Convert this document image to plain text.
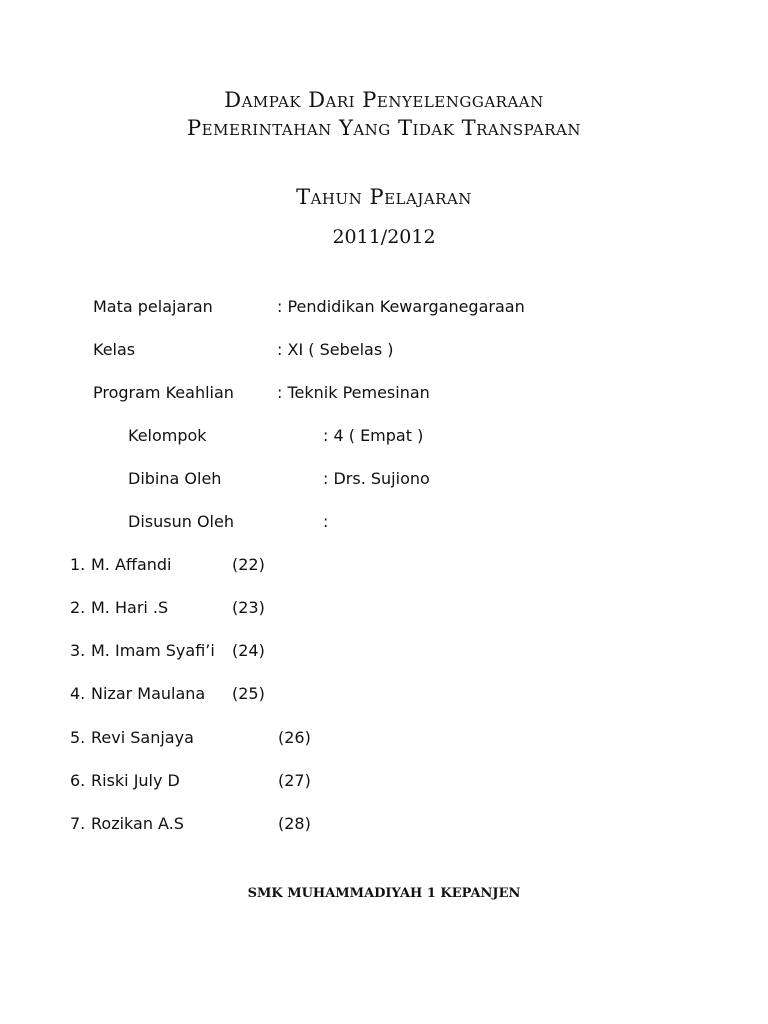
Dampak Dari Penyelenggaraan
Pemerintahan Yang Tidak Transparan
Tahun Pelajaran
2011/2012
Mata pelajaran	: Pendidikan Kewarganegaraan
Kelas	: XI ( Sebelas )
Program Keahlian	: Teknik Pemesinan
Kelompok	: 4 ( Empat )
Dibina Oleh	: Drs. Sujiono
Disusun Oleh	:
1. M. Affandi	(22)
2. M. Hari .S	(23)
3. M. Imam Syafi’i (24)
4. Nizar Maulana (25)
5. Revi Sanjaya	(26)
6. Riski July D	(27)
7. Rozikan A.S	(28)
SMK MUHAMMADIYAH 1 KEPANJEN
